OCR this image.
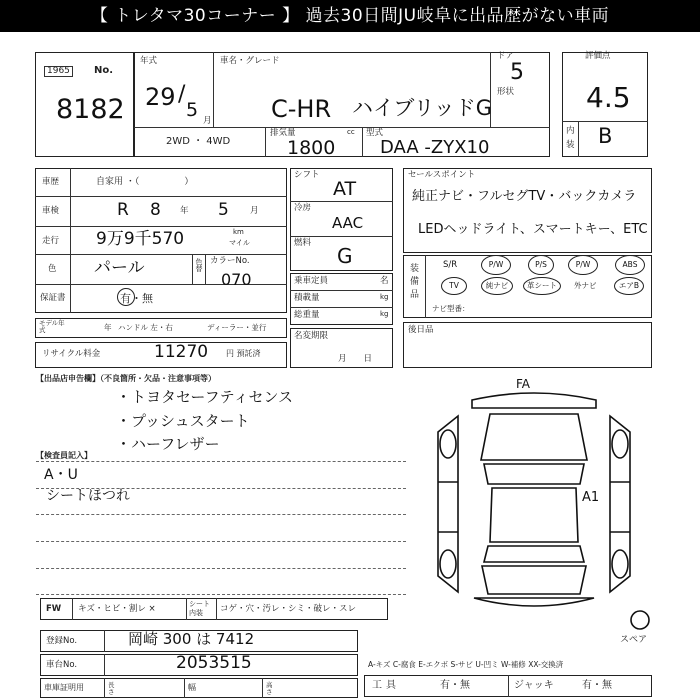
【 トレタマ30コーナー 】 過去30日間JU岐阜に出品歴がない車両
1965	No.
8182
年式
29 /
5 月
車名・グレード
C-HR ハイブリッドG
ドア
5
形状
評価点
4.5
内
装 B
2WD ・ 4WD
排気量	cc
1800
型式
DAA -ZYX10
車歴	自家用 ・（　　　　　）
車検	R 8 年 5 月
走行 9万9千570	km
マイル
色 パール	色替 カラーNo.
070
保証書	有・無
モデル年式	年 ハンドル 左・右	ディーラー・並行
リサイクル料金	11270 円 預託済
シフト
AT
冷房
AAC
燃料
G
乗車定員	名
積載量	kg
総重量	kg
名変期限
月　　日
セールスポイント
純正ナビ・フルセグTV・バックカメラ
LEDヘッドライト、スマートキー、ETC
装備品
S/R	P/W	P/S	P/W	ABS
TV	純ナビ	革シート 外ナビ	エアB
ナビ型番：
後日品
【出品店申告欄】（不良箇所・欠品・注意事項等）
・トヨタセーフティセンス
・プッシュスタート
・ハーフレザー
【検査員記入】
A・U
シートほつれ
FA
A1
スペア
FW キズ・ヒビ・割レ ×	シート内装	コゲ・穴・汚レ・シミ・破レ・スレ
登録No.	岡崎 300 は 7412
車台No.	2053515
車庫証明用	長さ	幅	高さ
A-キズ C-腐食 E-エクボ S-サビ U-凹ミ W-補修 XX-交換済
工具	有・無	ジャッキ	有・無
